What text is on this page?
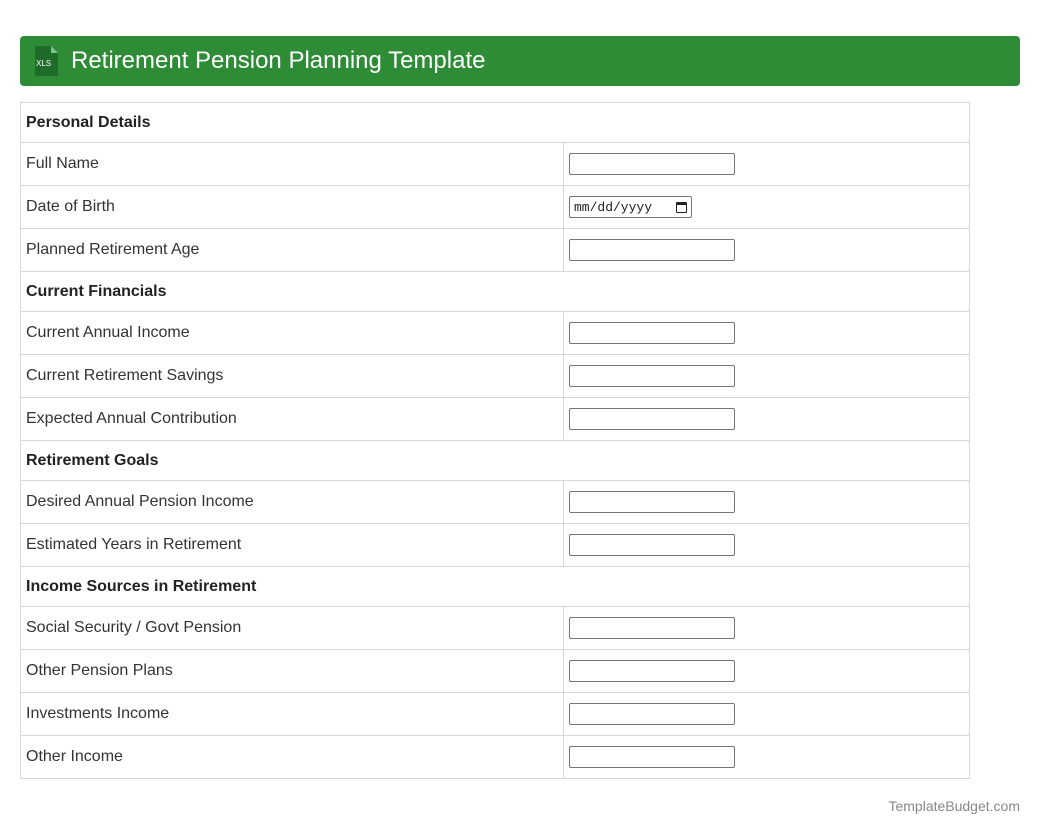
XLS Retirement Pension Planning Template
Personal Details	
Full Name	

Date of Birth	mm/dd/yyyy

Planned Retirement Age	

Current Financials	
Current Annual Income	

Current Retirement Savings	

Expected Annual Contribution	

Retirement Goals	
Desired Annual Pension Income	

Estimated Years in Retirement	

Income Sources in Retirement	
Social Security / Govt Pension	

Other Pension Plans	

Investments Income	

Other Income	
TemplateBudget.com
